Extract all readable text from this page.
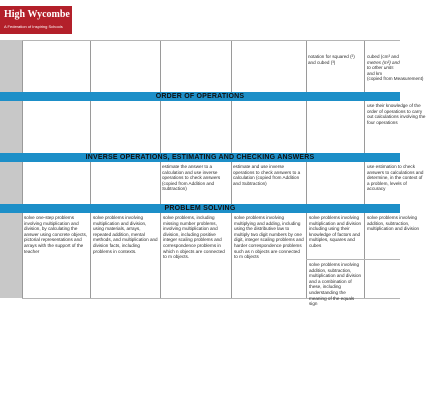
High Wycombe
A Federation of Inspiring Schools
ORDER OF OPERATIONS
INVERSE OPERATIONS, ESTIMATING AND CHECKING ANSWERS
PROBLEM SOLVING
notation for squared (²) and cubed (³)
cubed (cm³ and
metres (m³) and
to other units
and km
(copied from Measurement)
use their knowledge of the order of operations to carry out calculations involving the four operations
estimate the answer to a calculation and use inverse operations to check answers (copied from Addition and Subtraction)
estimate and use inverse operations to check answers to a calculation (copied from Addition and Subtraction)
use estimation to check answers to calculations and determine, in the context of a problem, levels of accuracy
solve one-step problems involving multiplication and division, by calculating the answer using concrete objects, pictorial representations and arrays with the support of the teacher
solve problems involving multiplication and division, using materials, arrays, repeated addition, mental methods, and multiplication and division facts, including problems in contexts.
solve problems, including missing number problems, involving multiplication and division, including positive integer scaling problems and correspondence problems in which n objects are connected to m objects.
solve problems involving multiplying and adding, including using the distributive law to multiply two digit numbers by one digit, integer scaling problems and harder correspondence problems such as n objects are connected to m objects
solve problems involving multiplication and division including using their knowledge of factors and multiples, squares and cubes
solve problems involving addition, subtraction, multiplication and division and a combination of these, including understanding the meaning of the equals sign
solve problems involving addition, subtraction, multiplication and division
